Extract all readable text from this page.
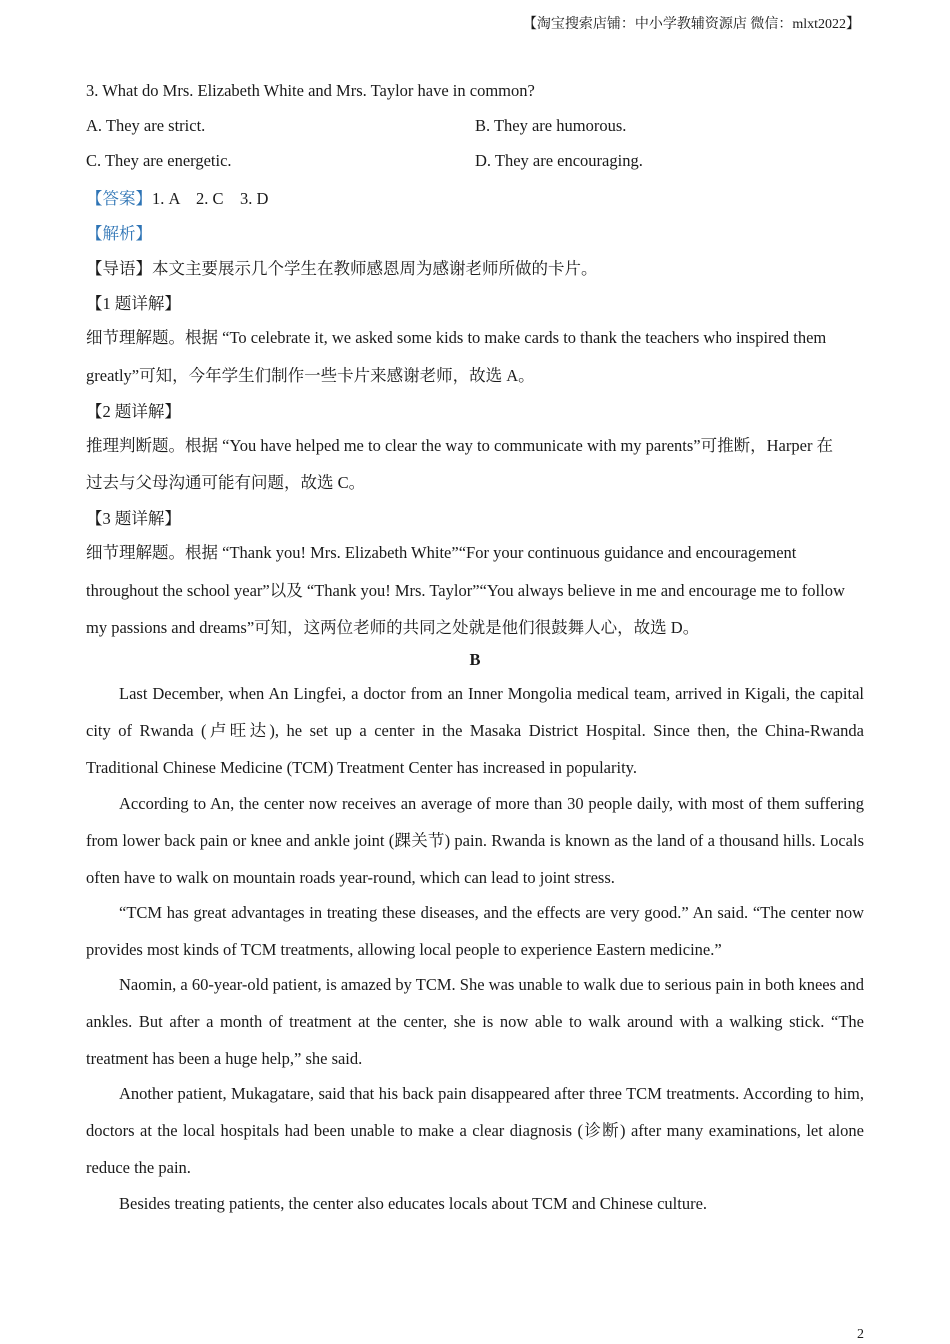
【淘宝搜索店铺：中小学教辅资源店 微信：mlxt2022】
3. What do Mrs. Elizabeth White and Mrs. Taylor have in common?
A. They are strict.	B. They are humorous.
C. They are energetic.	D. They are encouraging.
【答案】1. A    2. C    3. D
【解析】
【导语】本文主要展示几个学生在教师感恩周为感谢老师所做的卡片。
【1 题详解】
细节理解题。根据 “To celebrate it, we asked some kids to make cards to thank the teachers who inspired them
greatly”可知，今年学生们制作一些卡片来感谢老师，故选 A。
【2 题详解】
推理判断题。根据 “You have helped me to clear the way to communicate with my parents”可推断，Harper 在
过去与父母沟通可能有问题，故选 C。
【3 题详解】
细节理解题。根据 “Thank you! Mrs. Elizabeth White”“For your continuous guidance and encouragement
throughout the school year”以及 “Thank you! Mrs. Taylor”“You always believe in me and encourage me to follow
my passions and dreams”可知，这两位老师的共同之处就是他们很鼓舞人心，故选 D。
B
Last December, when An Lingfei, a doctor from an Inner Mongolia medical team, arrived in Kigali, the capital city of Rwanda (卢旺达), he set up a center in the Masaka District Hospital. Since then, the China-Rwanda Traditional Chinese Medicine (TCM) Treatment Center has increased in popularity.
According to An, the center now receives an average of more than 30 people daily, with most of them suffering from lower back pain or knee and ankle joint (踝关节) pain. Rwanda is known as the land of a thousand hills. Locals often have to walk on mountain roads year-round, which can lead to joint stress.
“TCM has great advantages in treating these diseases, and the effects are very good.” An said. “The center now provides most kinds of TCM treatments, allowing local people to experience Eastern medicine.”
Naomin, a 60-year-old patient, is amazed by TCM. She was unable to walk due to serious pain in both knees and ankles. But after a month of treatment at the center, she is now able to walk around with a walking stick. “The treatment has been a huge help,” she said.
Another patient, Mukagatare, said that his back pain disappeared after three TCM treatments. According to him, doctors at the local hospitals had been unable to make a clear diagnosis (诊断) after many examinations, let alone reduce the pain.
Besides treating patients, the center also educates locals about TCM and Chinese culture.
2
